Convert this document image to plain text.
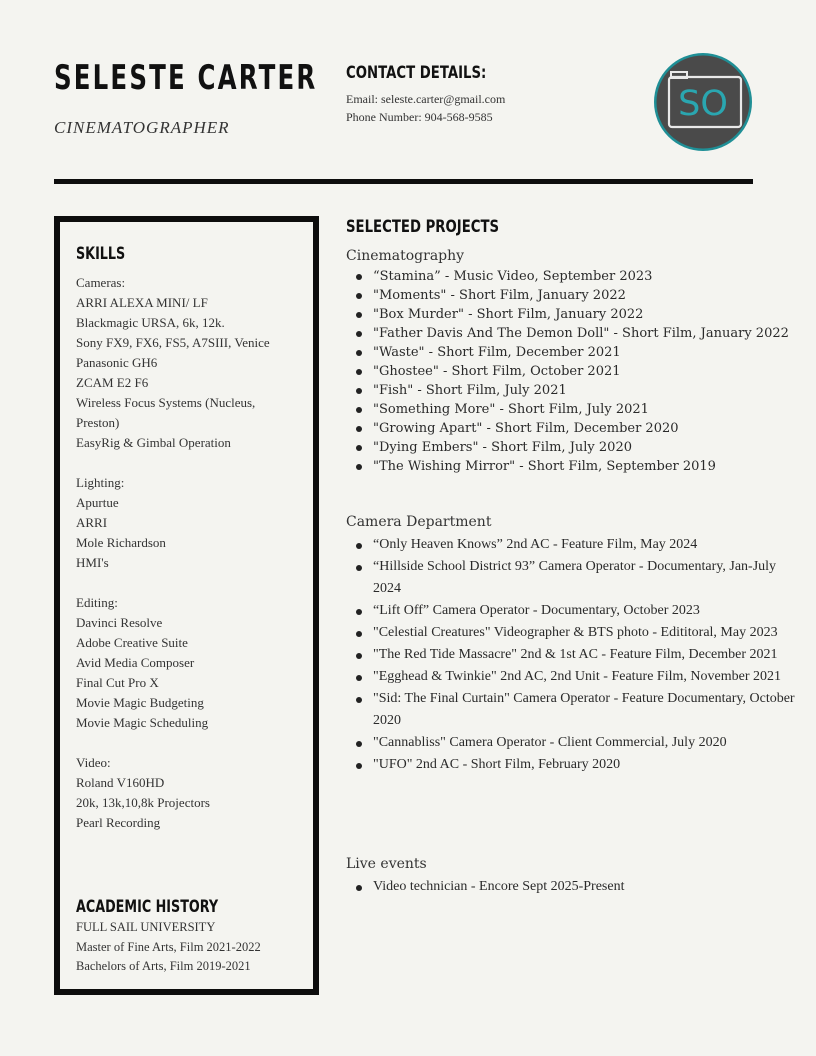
SELESTE CARTER
CINEMATOGRAPHER
CONTACT DETAILS:
Email: seleste.carter@gmail.com
Phone Number: 904-568-9585	SO
SKILLS
Cameras:
ARRI ALEXA MINI/ LF
Blackmagic URSA, 6k, 12k.
Sony FX9, FX6, FS5, A7SIII, Venice
Panasonic GH6
ZCAM E2 F6
Wireless Focus Systems (Nucleus,
Preston)
EasyRig & Gimbal Operation
Lighting:
Apurtue
ARRI
Mole Richardson
HMI's
Editing:
Davinci Resolve
Adobe Creative Suite
Avid Media Composer
Final Cut Pro X
Movie Magic Budgeting
Movie Magic Scheduling
Video:
Roland V160HD
20k, 13k,10,8k Projectors
Pearl Recording
ACADEMIC HISTORY
FULL SAIL UNIVERSITY
Master of Fine Arts, Film 2021-2022
Bachelors of Arts, Film 2019-2021
SELECTED PROJECTS
Cinematography
“Stamina” - Music Video, September 2023
"Moments" - Short Film, January 2022
"Box Murder" - Short Film, January 2022
"Father Davis And The Demon Doll" - Short Film, January 2022
"Waste" - Short Film, December 2021
"Ghostee" - Short Film, October 2021
"Fish" - Short Film, July 2021
"Something More" - Short Film, July 2021
"Growing Apart" - Short Film, December 2020
"Dying Embers" - Short Film, July 2020
"The Wishing Mirror" - Short Film, September 2019
Camera Department
“Only Heaven Knows” 2nd AC - Feature Film, May 2024
“Hillside School District 93” Camera Operator - Documentary, Jan-July 2024
“Lift Off” Camera Operator - Documentary, October 2023
"Celestial Creatures" Videographer & BTS photo - Edititoral, May 2023
"The Red Tide Massacre" 2nd & 1st AC - Feature Film, December 2021
"Egghead & Twinkie" 2nd AC, 2nd Unit - Feature Film, November 2021
"Sid: The Final Curtain" Camera Operator - Feature Documentary, October 2020
"Cannabliss" Camera Operator - Client Commercial, July 2020
"UFO" 2nd AC - Short Film, February 2020
Live events
Video technician - Encore Sept 2025-Present
